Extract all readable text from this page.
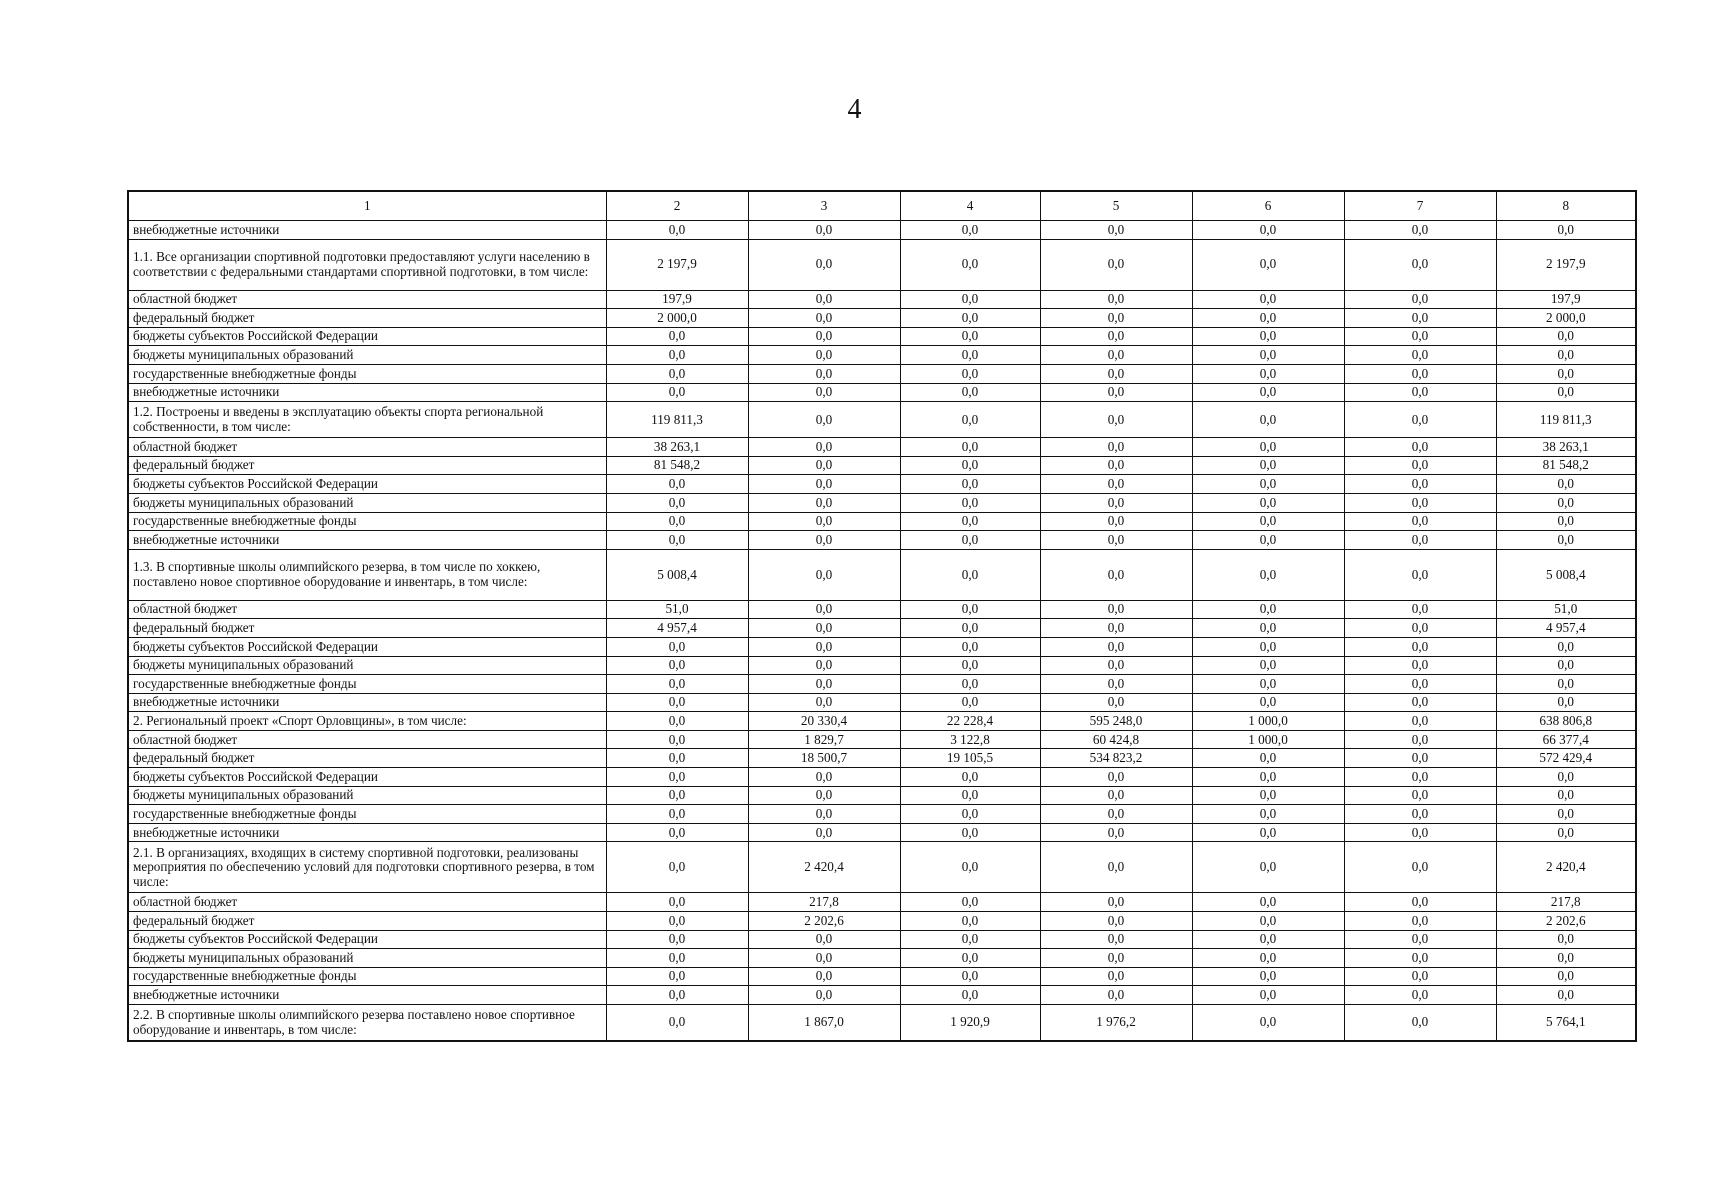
4
1	2	3	4	5	6	7	8
внебюджетные источники	0,0	0,0	0,0	0,0	0,0	0,0	0,0
1.1. Все организации спортивной подготовки предоставляют услуги населению в соответствии с федеральными стандартами спортивной подготовки, в том числе:	2 197,9	0,0	0,0	0,0	0,0	0,0	2 197,9
областной бюджет	197,9	0,0	0,0	0,0	0,0	0,0	197,9
федеральный бюджет	2 000,0	0,0	0,0	0,0	0,0	0,0	2 000,0
бюджеты субъектов Российской Федерации	0,0	0,0	0,0	0,0	0,0	0,0	0,0
бюджеты муниципальных образований	0,0	0,0	0,0	0,0	0,0	0,0	0,0
государственные внебюджетные фонды	0,0	0,0	0,0	0,0	0,0	0,0	0,0
внебюджетные источники	0,0	0,0	0,0	0,0	0,0	0,0	0,0
1.2. Построены и введены в эксплуатацию объекты спорта региональной собственности, в том числе:	119 811,3	0,0	0,0	0,0	0,0	0,0	119 811,3
областной бюджет	38 263,1	0,0	0,0	0,0	0,0	0,0	38 263,1
федеральный бюджет	81 548,2	0,0	0,0	0,0	0,0	0,0	81 548,2
бюджеты субъектов Российской Федерации	0,0	0,0	0,0	0,0	0,0	0,0	0,0
бюджеты муниципальных образований	0,0	0,0	0,0	0,0	0,0	0,0	0,0
государственные внебюджетные фонды	0,0	0,0	0,0	0,0	0,0	0,0	0,0
внебюджетные источники	0,0	0,0	0,0	0,0	0,0	0,0	0,0
1.3. В спортивные школы олимпийского резерва, в том числе по хоккею, поставлено новое спортивное оборудование и инвентарь, в том числе:	5 008,4	0,0	0,0	0,0	0,0	0,0	5 008,4
областной бюджет	51,0	0,0	0,0	0,0	0,0	0,0	51,0
федеральный бюджет	4 957,4	0,0	0,0	0,0	0,0	0,0	4 957,4
бюджеты субъектов Российской Федерации	0,0	0,0	0,0	0,0	0,0	0,0	0,0
бюджеты муниципальных образований	0,0	0,0	0,0	0,0	0,0	0,0	0,0
государственные внебюджетные фонды	0,0	0,0	0,0	0,0	0,0	0,0	0,0
внебюджетные источники	0,0	0,0	0,0	0,0	0,0	0,0	0,0
2. Региональный проект «Спорт Орловщины», в том числе:	0,0	20 330,4	22 228,4	595 248,0	1 000,0	0,0	638 806,8
областной бюджет	0,0	1 829,7	3 122,8	60 424,8	1 000,0	0,0	66 377,4
федеральный бюджет	0,0	18 500,7	19 105,5	534 823,2	0,0	0,0	572 429,4
бюджеты субъектов Российской Федерации	0,0	0,0	0,0	0,0	0,0	0,0	0,0
бюджеты муниципальных образований	0,0	0,0	0,0	0,0	0,0	0,0	0,0
государственные внебюджетные фонды	0,0	0,0	0,0	0,0	0,0	0,0	0,0
внебюджетные источники	0,0	0,0	0,0	0,0	0,0	0,0	0,0
2.1. В организациях, входящих в систему спортивной подготовки, реализованы мероприятия по обеспечению условий для подготовки спортивного резерва, в том числе:	0,0	2 420,4	0,0	0,0	0,0	0,0	2 420,4
областной бюджет	0,0	217,8	0,0	0,0	0,0	0,0	217,8
федеральный бюджет	0,0	2 202,6	0,0	0,0	0,0	0,0	2 202,6
бюджеты субъектов Российской Федерации	0,0	0,0	0,0	0,0	0,0	0,0	0,0
бюджеты муниципальных образований	0,0	0,0	0,0	0,0	0,0	0,0	0,0
государственные внебюджетные фонды	0,0	0,0	0,0	0,0	0,0	0,0	0,0
внебюджетные источники	0,0	0,0	0,0	0,0	0,0	0,0	0,0
2.2. В спортивные школы олимпийского резерва поставлено новое спортивное оборудование и инвентарь, в том числе:	0,0	1 867,0	1 920,9	1 976,2	0,0	0,0	5 764,1
